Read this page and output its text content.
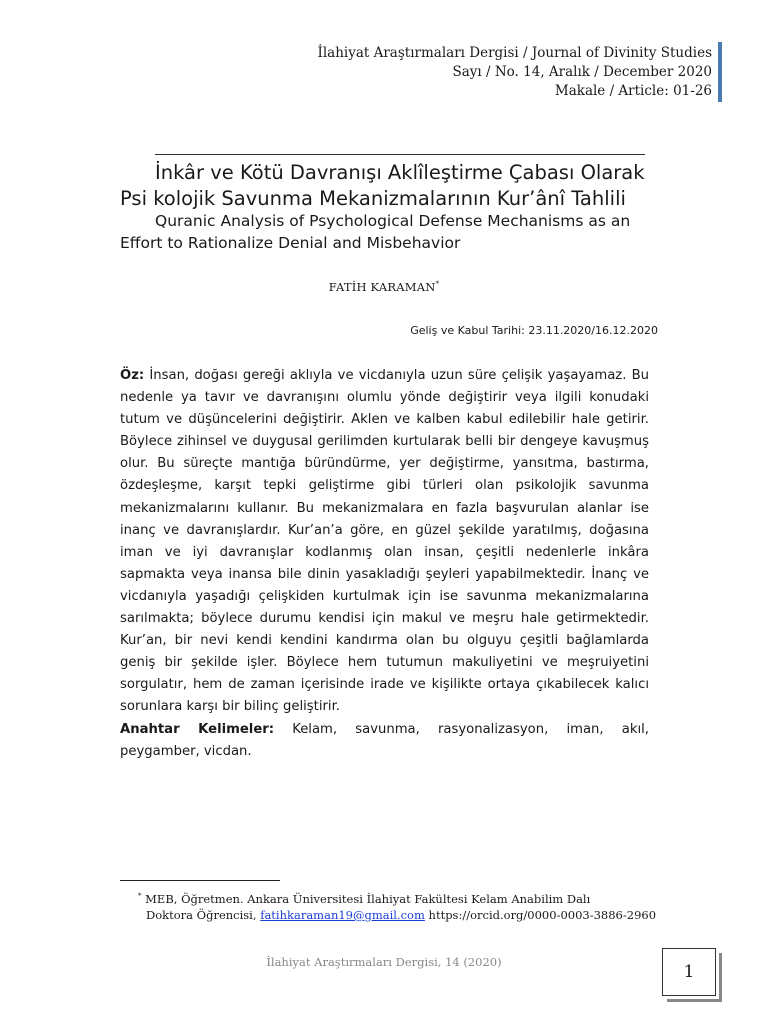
İlahiyat Araştırmaları Dergisi / Journal of Divinity Studies
Sayı / No. 14, Aralık / December 2020
Makale / Article: 01-26
İnkâr ve Kötü Davranışı Aklîleştirme Çabası Olarak Psi kolojik Savunma Mekanizmalarının Kur’ânî Tahlili
Quranic Analysis of Psychological Defense Mechanisms as an Effort to Rationalize Denial and Misbehavior
FATİH KARAMAN*
Geliş ve Kabul Tarihi: 23.11.2020/16.12.2020
Öz: İnsan, doğası gereği aklıyla ve vicdanıyla uzun süre çelişik yaşayamaz. Bu nedenle ya tavır ve davranışını olumlu yönde değiştirir veya ilgili konudaki tutum ve düşüncelerini değiştirir. Aklen ve kalben kabul edilebilir hale getirir. Böylece zihinsel ve duygusal gerilimden kurtularak belli bir dengeye kavuşmuş olur. Bu süreçte mantığa büründürme, yer değiştirme, yansıtma, bastırma, özdeşleşme, karşıt tepki geliştirme gibi türleri olan psikolojik savunma mekanizmalarını kullanır. Bu mekanizmalara en fazla başvurulan alanlar ise inanç ve davranışlardır. Kur’an’a göre, en güzel şekilde yaratılmış, doğasına iman ve iyi davranışlar kodlanmış olan insan, çeşitli nedenlerle inkâra sapmakta veya inansa bile dinin yasakladığı şeyleri yapabilmektedir. İnanç ve vicdanıyla yaşadığı çelişkiden kurtulmak için ise savunma mekanizmalarına sarılmakta; böylece durumu kendisi için makul ve meşru hale getirmektedir. Kur’an, bir nevi kendi kendini kandırma olan bu olguyu çeşitli bağlamlarda geniş bir şekilde işler. Böylece hem tutumun makuliyetini ve meşruiyetini sorgulatır, hem de zaman içerisinde irade ve kişilikte ortaya çıkabilecek kalıcı sorunlara karşı bir bilinç geliştirir.
Anahtar Kelimeler: Kelam, savunma, rasyonalizasyon, iman, akıl, peygamber, vicdan.
* MEB, Öğretmen. Ankara Üniversitesi İlahiyat Fakültesi Kelam Anabilim Dalı
Doktora Öğrencisi, fatihkaraman19@gmail.com https://orcid.org/0000-0003-3886-2960
İlahiyat Araştırmaları Dergisi, 14 (2020)	1
